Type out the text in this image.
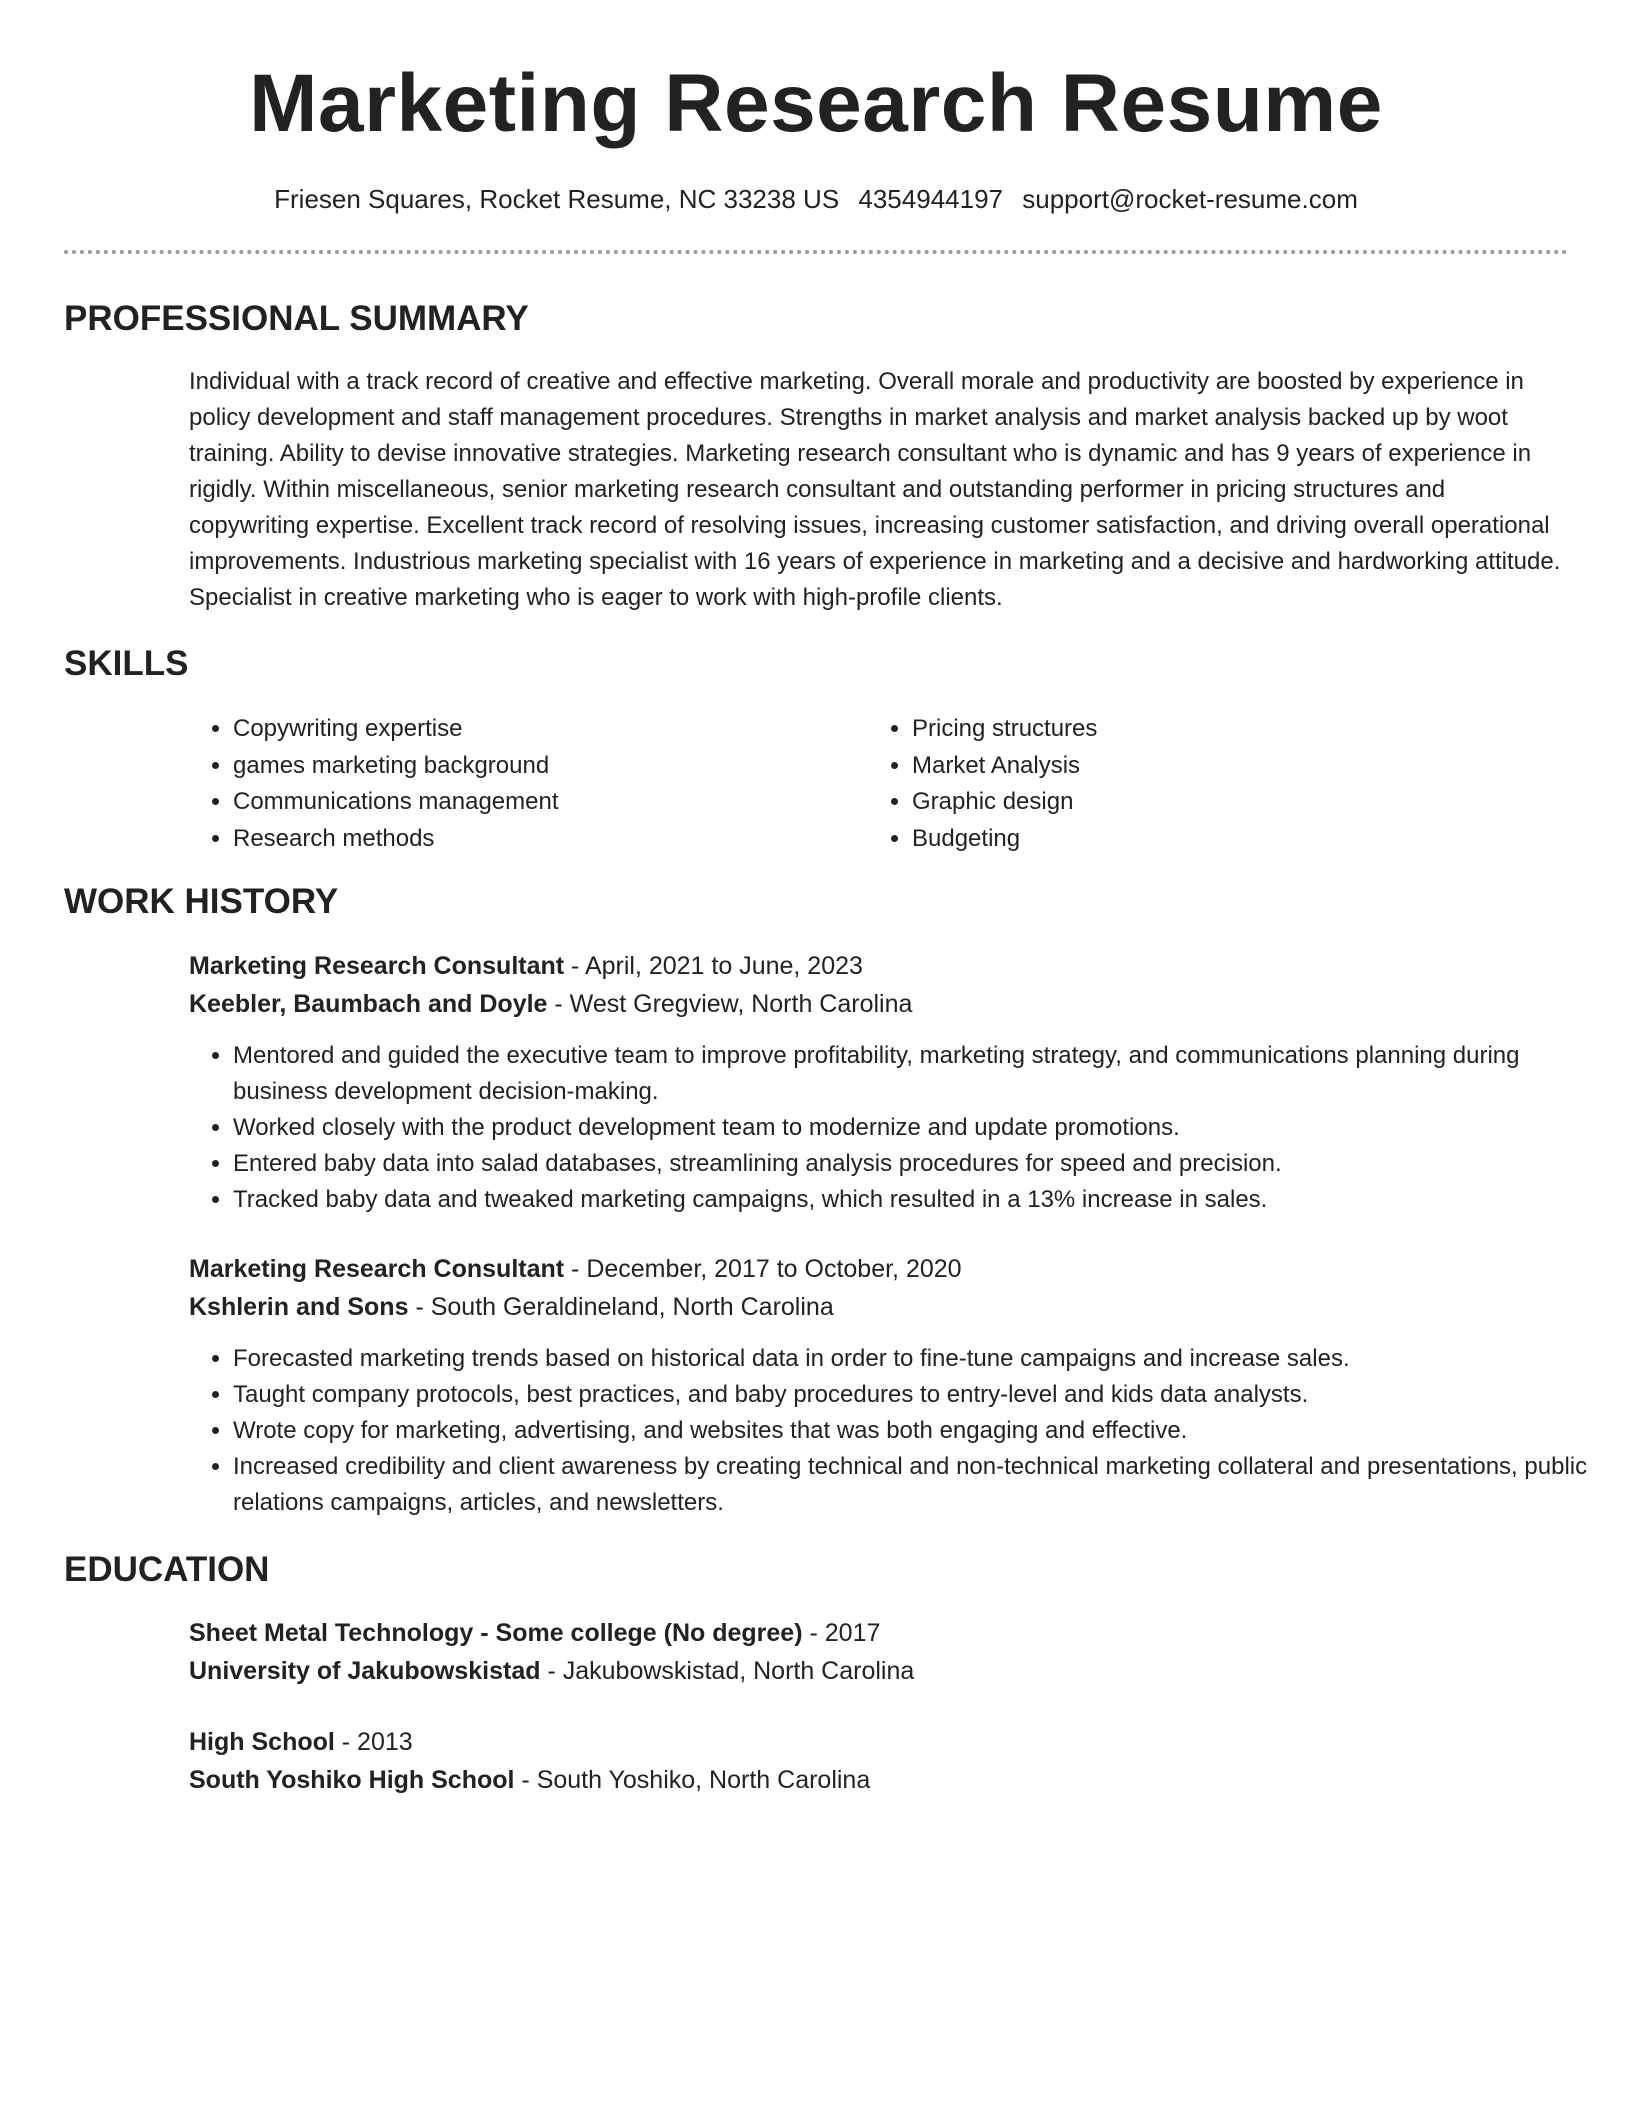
Marketing Research Resume
Friesen Squares, Rocket Resume, NC 33238 US 4354944197 support@rocket-resume.com
PROFESSIONAL SUMMARY

Individual with a track record of creative and effective marketing. Overall morale and productivity are boosted by experience in policy development and staff management procedures. Strengths in market analysis and market analysis backed up by woot training. Ability to devise innovative strategies. Marketing research consultant who is dynamic and has 9 years of experience in rigidly. Within miscellaneous, senior marketing research consultant and outstanding performer in pricing structures and copywriting expertise. Excellent track record of resolving issues, increasing customer satisfaction, and driving overall operational improvements. Industrious marketing specialist with 16 years of experience in marketing and a decisive and hardworking attitude. Specialist in creative marketing who is eager to work with high-profile clients.

SKILLS
• Copywriting expertise
• games marketing background
• Communications management
• Research methods
• Pricing structures
• Market Analysis
• Graphic design
• Budgeting
WORK HISTORY
Marketing Research Consultant - April, 2021 to June, 2023
Keebler, Baumbach and Doyle - West Gregview, North Carolina
• Mentored and guided the executive team to improve profitability, marketing strategy, and communications planning during business development decision-making.
• Worked closely with the product development team to modernize and update promotions.
• Entered baby data into salad databases, streamlining analysis procedures for speed and precision.
• Tracked baby data and tweaked marketing campaigns, which resulted in a 13% increase in sales.
Marketing Research Consultant - December, 2017 to October, 2020
Kshlerin and Sons - South Geraldineland, North Carolina
• Forecasted marketing trends based on historical data in order to fine-tune campaigns and increase sales.
• Taught company protocols, best practices, and baby procedures to entry-level and kids data analysts.
• Wrote copy for marketing, advertising, and websites that was both engaging and effective.
• Increased credibility and client awareness by creating technical and non-technical marketing collateral and presentations, public relations campaigns, articles, and newsletters.
EDUCATION
Sheet Metal Technology - Some college (No degree) - 2017
University of Jakubowskistad - Jakubowskistad, North Carolina
High School - 2013
South Yoshiko High School - South Yoshiko, North Carolina
